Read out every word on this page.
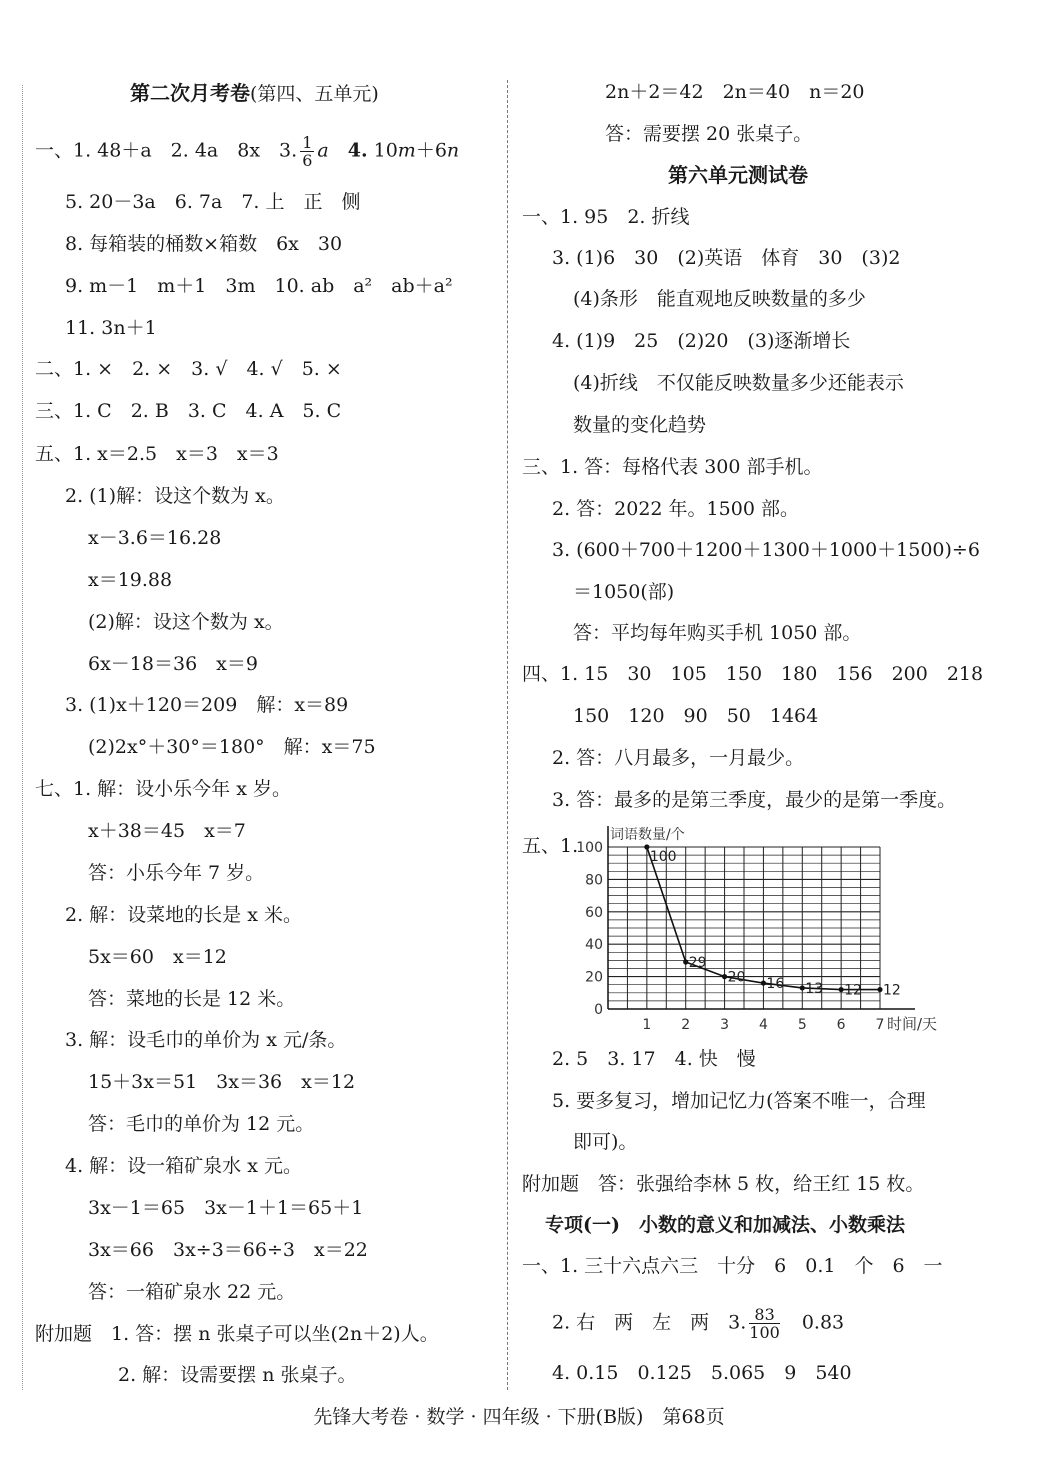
第二次月考卷(第四、五单元)
一、1. 48＋a　2. 4a　8x　3. $\frac{1}{6}$ a　 4. 10m＋6n
5. 20－3a　6. 7a　7. 上　正　侧
8. 每箱装的桶数×箱数　6x　30
9. m－1　m＋1　3m　10. ab　a²　ab＋a²
11. 3n＋1
二、1. ×　2. ×　3. √　4. √　5. ×
三、1. C　2. B　3. C　4. A　5. C
五、1. x＝2.5　x＝3　x＝3
2. (1)解：设这个数为 x。
x－3.6＝16.28
x＝19.88
(2)解：设这个数为 x。
6x－18＝36　x＝9
3. (1)x＋120＝209　解：x＝89
(2)2x°＋30°＝180°　解：x＝75
七、1. 解：设小乐今年 x 岁。
x＋38＝45　x＝7
答：小乐今年 7 岁。
2. 解：设菜地的长是 x 米。
5x＝60　x＝12
答：菜地的长是 12 米。
3. 解：设毛巾的单价为 x 元/条。
15＋3x＝51　3x＝36　x＝12
答：毛巾的单价为 12 元。
4. 解：设一箱矿泉水 x 元。
3x－1＝65　3x－1＋1＝65＋1
3x＝66　3x÷3＝66÷3　x＝22
答：一箱矿泉水 22 元。
附加题　1. 答：摆 n 张桌子可以坐(2n＋2)人。
2. 解：设需要摆 n 张桌子。
2n＋2＝42　2n＝40　n＝20
答：需要摆 20 张桌子。
第六单元测试卷
一、1. 95　2. 折线
3. (1)6　30　(2)英语　体育　30　(3)2
(4)条形　能直观地反映数量的多少
4. (1)9　25　(2)20　(3)逐渐增长
(4)折线　不仅能反映数量多少还能表示
数量的变化趋势
三、1. 答：每格代表 300 部手机。
2. 答：2022 年。1500 部。
3. (600＋700＋1200＋1300＋1000＋1500)÷6
＝1050(部)
答：平均每年购买手机 1050 部。
四、1. 15　30　105　150　180　156　200　218
150　120　90　50　1464
2. 答：八月最多，一月最少。
3. 答：最多的是第三季度，最少的是第一季度。
五、1.
2. 5　3. 17　4. 快　慢
5. 要多复习，增加记忆力(答案不唯一，合理
即可)。
附加题　答：张强给李林 5 枚，给王红 15 枚。
专项(一)　小数的意义和加减法、小数乘法
一、1. 三十六点六三　十分　6　0.1　个　6　一
2. 右　两　左　两　3. $\frac{83}{100}$ 　0.83
4. 0.15　0.125　5.065　9　540
0
20
40
60
80
100
1 2 3 4 5 6 7
词语数量/个
时间/天
100
29
20 16 13 12 12
先锋大考卷 · 数学 · 四年级 · 下册(B版)　第68页
